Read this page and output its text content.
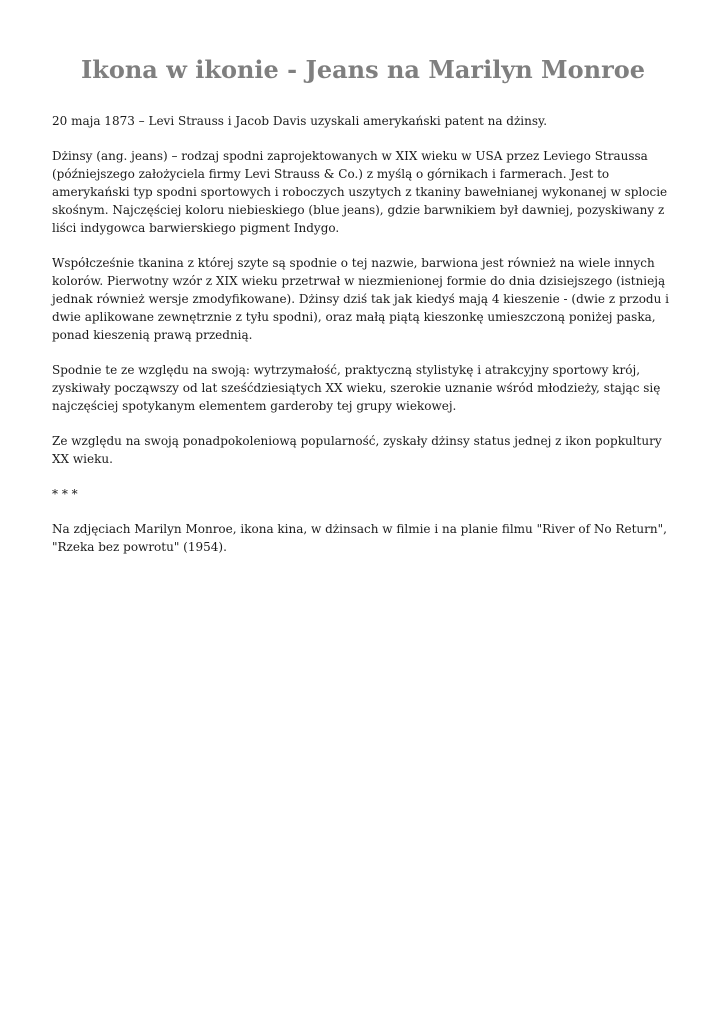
Ikona w ikonie - Jeans na Marilyn Monroe

20 maja 1873 – Levi Strauss i Jacob Davis uzyskali amerykański patent na dżinsy.

Dżinsy (ang. jeans) – rodzaj spodni zaprojektowanych w XIX wieku w USA przez Leviego Straussa (późniejszego założyciela firmy Levi Strauss & Co.) z myślą o górnikach i farmerach. Jest to amerykański typ spodni sportowych i roboczych uszytych z tkaniny bawełnianej wykonanej w splocie skośnym. Najczęściej koloru niebieskiego (blue jeans), gdzie barwnikiem był dawniej, pozyskiwany z liści indygowca barwierskiego pigment Indygo.

Współcześnie tkanina z której szyte są spodnie o tej nazwie, barwiona jest również na wiele innych kolorów. Pierwotny wzór z XIX wieku przetrwał w niezmienionej formie do dnia dzisiejszego (istnieją jednak również wersje zmodyfikowane). Dżinsy dziś tak jak kiedyś mają 4 kieszenie - (dwie z przodu i dwie aplikowane zewnętrznie z tyłu spodni), oraz małą piątą kieszonkę umieszczoną poniżej paska, ponad kieszenią prawą przednią.

Spodnie te ze względu na swoją: wytrzymałość, praktyczną stylistykę i atrakcyjny sportowy krój, zyskiwały począwszy od lat sześćdziesiątych XX wieku, szerokie uznanie wśród młodzieży, stając się najczęściej spotykanym elementem garderoby tej grupy wiekowej.

Ze względu na swoją ponadpokoleniową popularność, zyskały dżinsy status jednej z ikon popkultury XX wieku.

* * *

Na zdjęciach Marilyn Monroe, ikona kina, w dżinsach w filmie i na planie filmu "River of No Return", "Rzeka bez powrotu" (1954).
